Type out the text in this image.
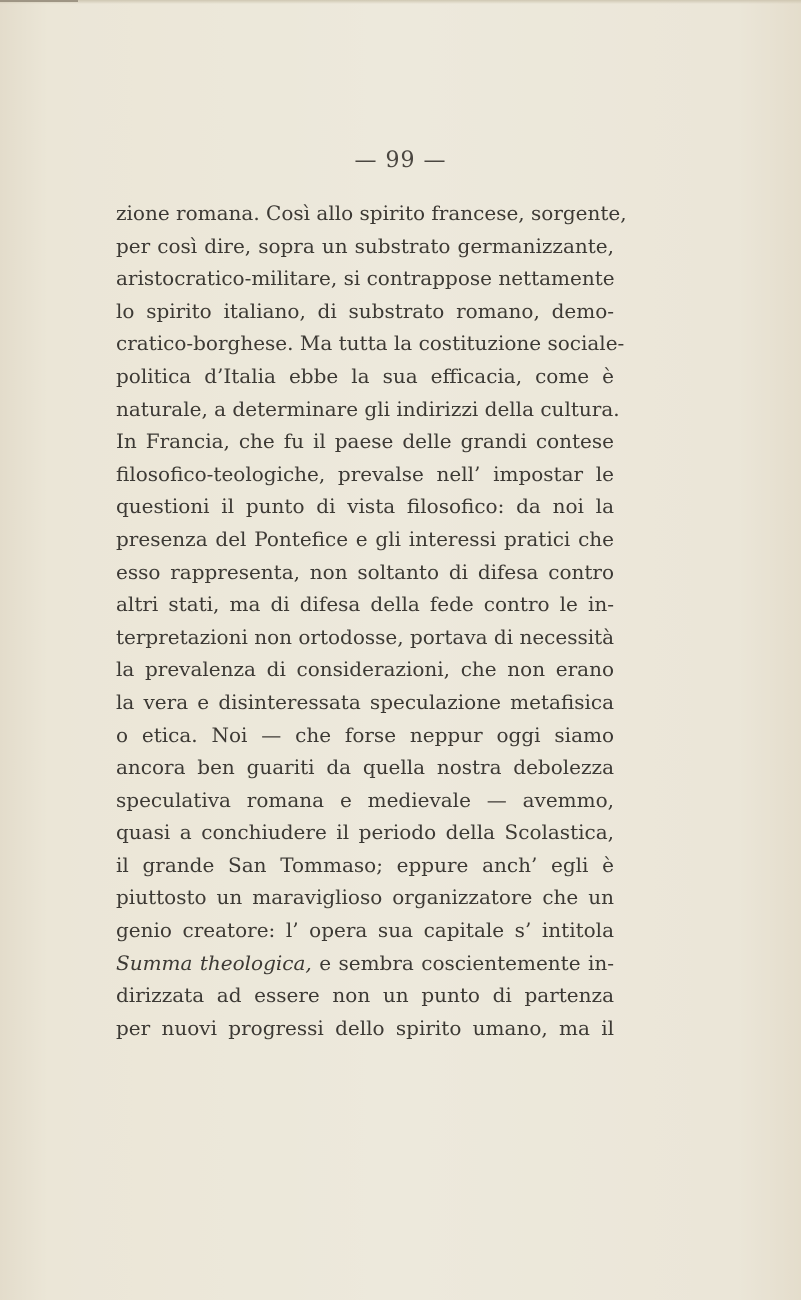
— 99 —
zione romana. Così allo spirito francese, sorgente,
per così dire, sopra un substrato germanizzante,
aristocratico-militare, si contrappose nettamente
lo spirito italiano, di substrato romano, demo-
cratico-borghese. Ma tutta la costituzione sociale-
politica d’Italia ebbe la sua efficacia, come è
naturale, a determinare gli indirizzi della cultura.
In Francia, che fu il paese delle grandi contese
filosofico-teologiche, prevalse nell’ impostar le
questioni il punto di vista filosofico: da noi la
presenza del Pontefice e gli interessi pratici che
esso rappresenta, non soltanto di difesa contro
altri stati, ma di difesa della fede contro le in-
terpretazioni non ortodosse, portava di necessità
la prevalenza di considerazioni, che non erano
la vera e disinteressata speculazione metafisica
o etica. Noi — che forse neppur oggi siamo
ancora ben guariti da quella nostra debolezza
speculativa romana e medievale — avemmo,
quasi a conchiudere il periodo della Scolastica,
il grande San Tommaso; eppure anch’ egli è
piuttosto un maraviglioso organizzatore che un
genio creatore: l’ opera sua capitale s’ intitola
Summa theologica, e sembra coscientemente in-
dirizzata ad essere non un punto di partenza
per nuovi progressi dello spirito umano, ma il
